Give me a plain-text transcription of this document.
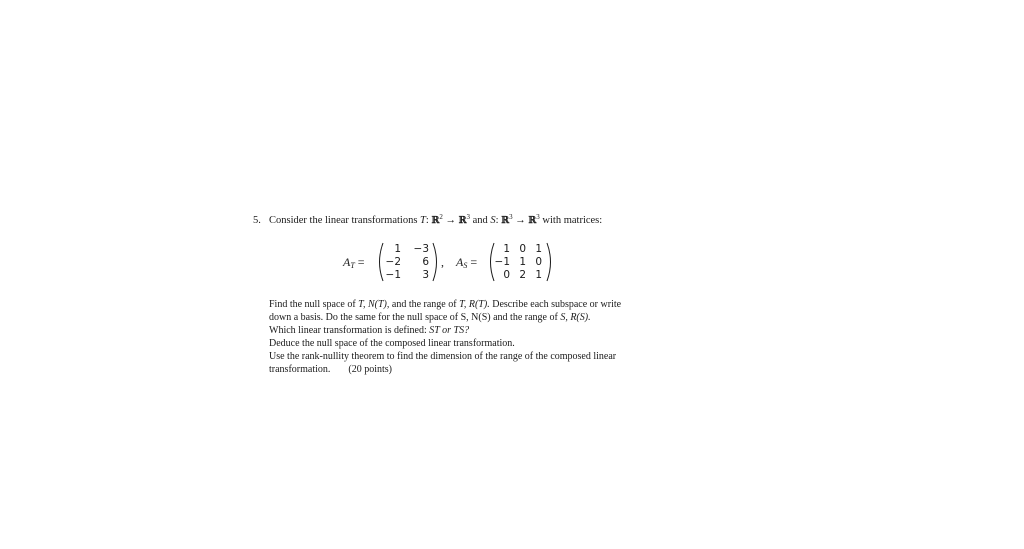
5. Consider the linear transformations T: ℝ$^2$ → ℝ$^3$ and S: ℝ$^3$ → ℝ$^3$ with matrices:
$A_T$ =
1	−3
−2	6
−1	3
, $A_S$ =
1 0 1
−1 1 0
0 2 1
Find the null space of T, N(T), and the range of T, R(T). Describe each subspace or write
down a basis. Do the same for the null space of S, N(S) and the range of S, R(S).
Which linear transformation is defined: ST or TS?
Deduce the null space of the composed linear transformation.
Use the rank-nullity theorem to find the dimension of the range of the composed linear
transformation. (20 points)
